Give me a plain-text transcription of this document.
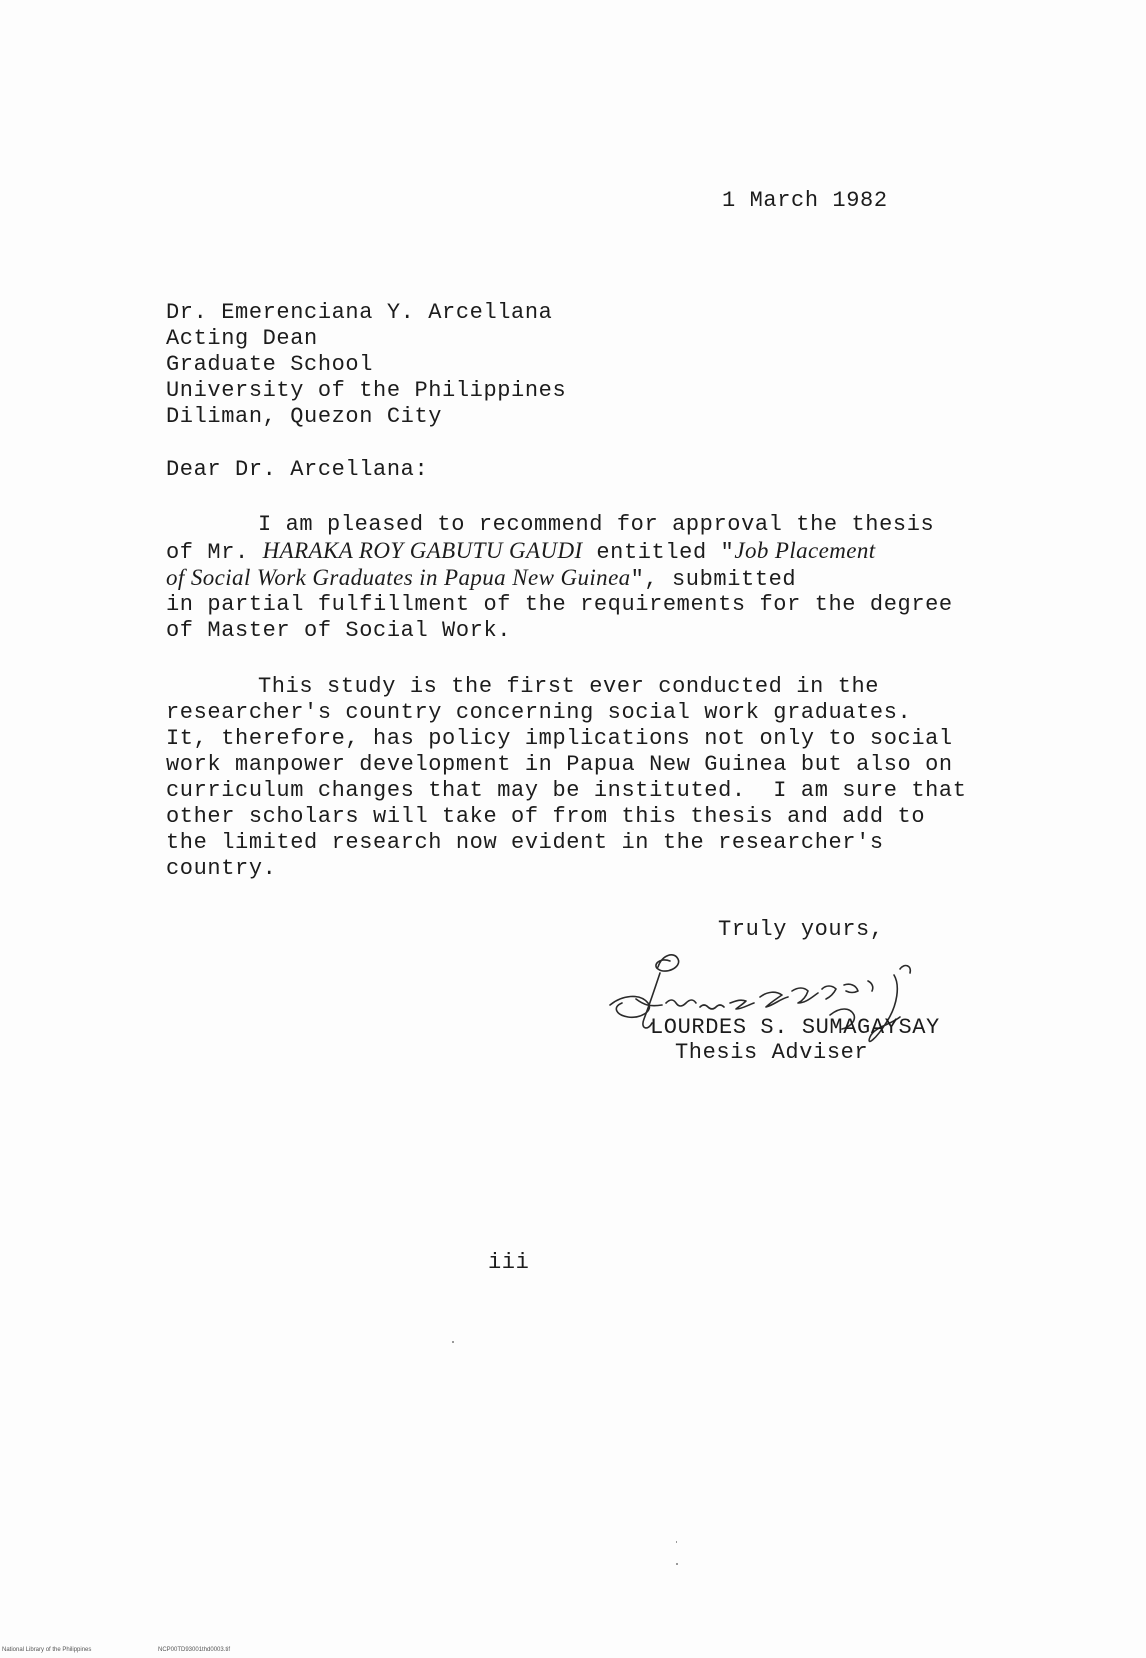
1 March 1982
Dr. Emerenciana Y. Arcellana
Acting Dean
Graduate School
University of the Philippines
Diliman, Quezon City
Dear Dr. Arcellana:
I am pleased to recommend for approval the thesis
of Mr. HARAKA ROY GABUTU GAUDI entitled "Job Placement
of Social Work Graduates in Papua New Guinea", submitted
in partial fulfillment of the requirements for the degree
of Master of Social Work.
This study is the first ever conducted in the
researcher's country concerning social work graduates.
It, therefore, has policy implications not only to social
work manpower development in Papua New Guinea but also on
curriculum changes that may be instituted.  I am sure that
other scholars will take of from this thesis and add to
the limited research now evident in the researcher's
country.
Truly yours,
LOURDES S. SUMAGAYSAY
Thesis Adviser
iii
National Library of the Philippines	NCP00TD93001thd0003.tif
